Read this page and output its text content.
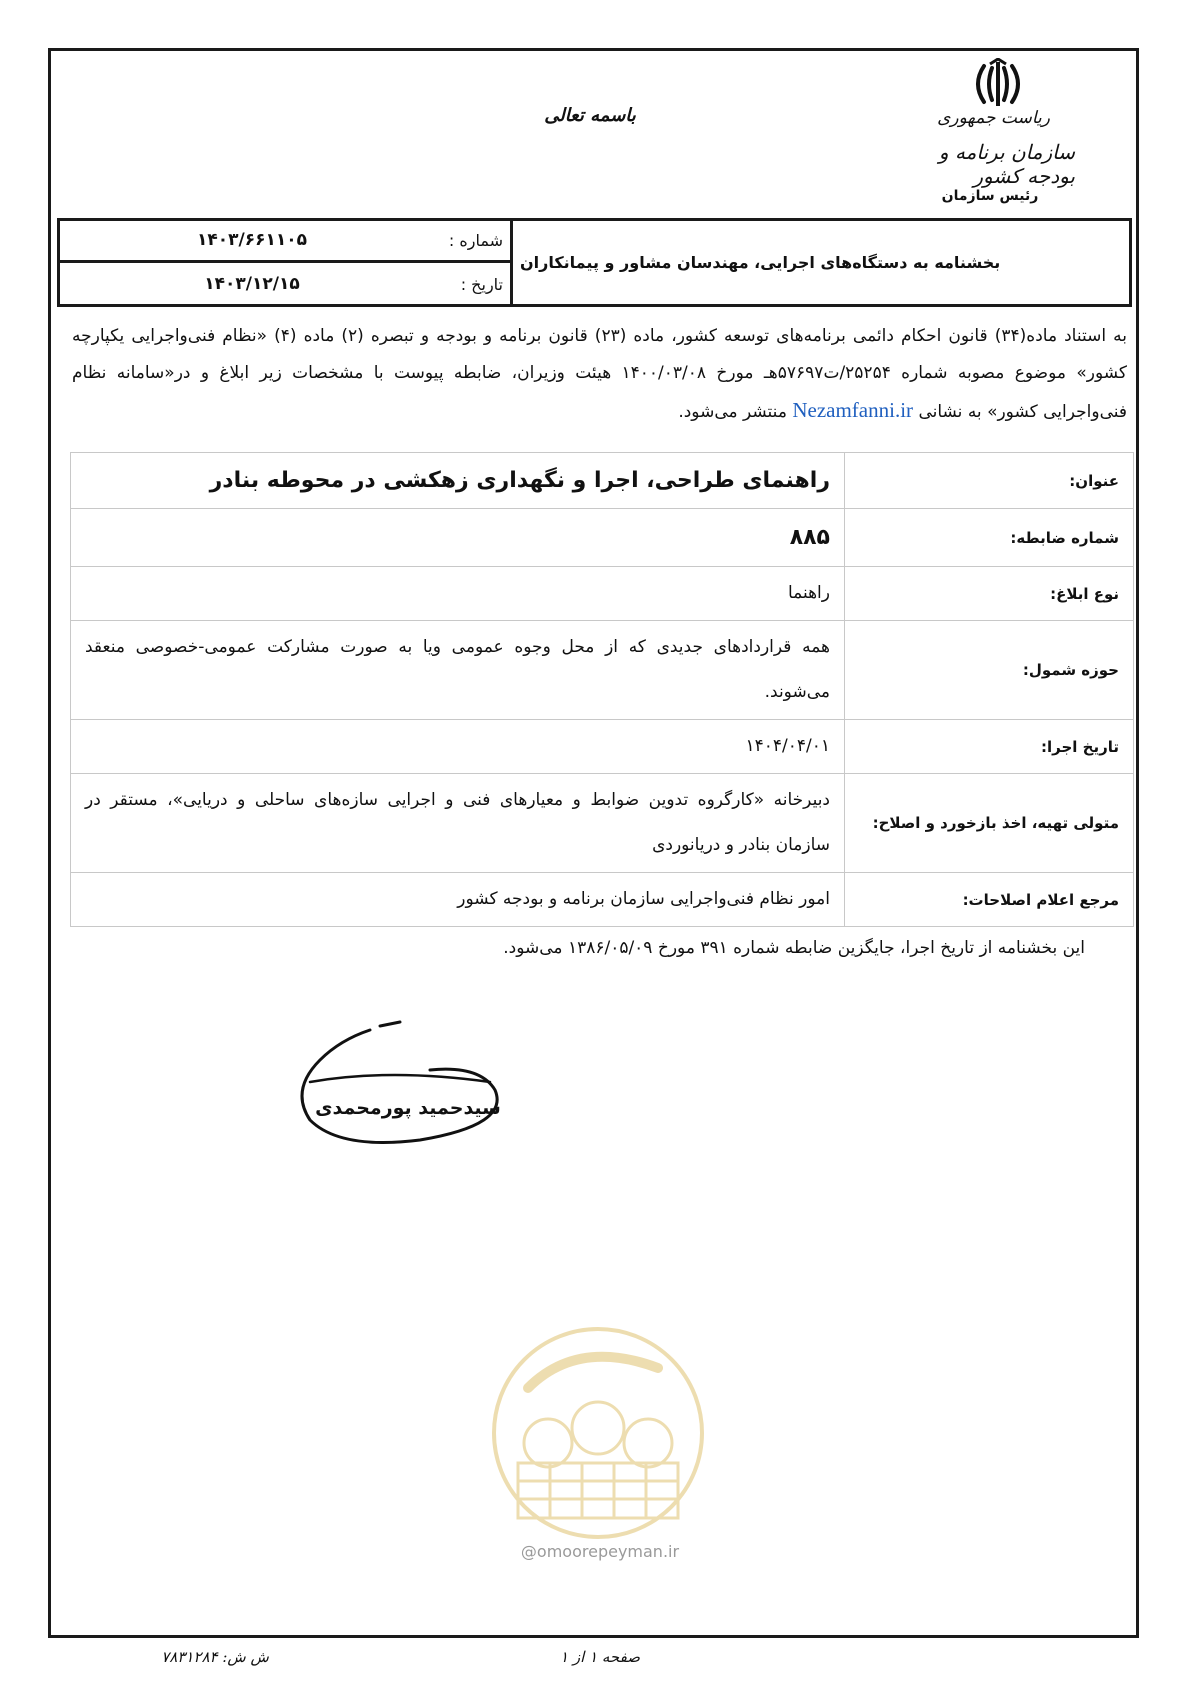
ریاست جمهوری
سازمان برنامه و بودجه کشور
رئیس سازمان
باسمه تعالی
بخشنامه به دستگاه‌های اجرایی، مهندسان مشاور و پیمانکاران
شماره :
۱۴۰۳/۶۶۱۱۰۵
تاریخ :
۱۴۰۳/۱۲/۱۵
به استناد ماده(۳۴) قانون احکام دائمی برنامه‌های توسعه کشور، ماده (۲۳) قانون برنامه و بودجه و تبصره (۲) ماده (۴) «نظام فنی‌واجرایی یکپارچه کشور» موضوع مصوبه شماره ۲۵۲۵۴/ت۵۷۶۹۷هـ مورخ ۱۴۰۰/۰۳/۰۸ هیئت وزیران، ضابطه پیوست با مشخصات زیر ابلاغ و در«سامانه نظام فنی‌واجرایی کشور» به نشانی Nezamfanni.ir منتشر می‌شود.
عنوان:	راهنمای طراحی، اجرا و نگهداری زهکشی در محوطه بنادر
شماره ضابطه:	۸۸۵
نوع ابلاغ:	راهنما
حوزه شمول:	همه قراردادهای جدیدی که از محل وجوه عمومی ویا به صورت مشارکت عمومی-خصوصی منعقد می‌شوند.
تاریخ اجرا:	۱۴۰۴/۰۴/۰۱
متولی تهیه، اخذ بازخورد و اصلاح:	دبیرخانه «کارگروه تدوین ضوابط و معیارهای فنی و اجرایی سازه‌های ساحلی و دریایی»، مستقر در سازمان بنادر و دریانوردی
مرجع اعلام اصلاحات:	امور نظام فنی‌واجرایی سازمان برنامه و بودجه کشور
این بخشنامه از تاریخ اجرا، جایگزین ضابطه شماره ۳۹۱ مورخ ۱۳۸۶/۰۵/۰۹ می‌شود.
سیدحمید پورمحمدی
@omoorepeyman.ir
صفحه ۱ از ۱
ش ش: ۷۸۳۱۲۸۴
